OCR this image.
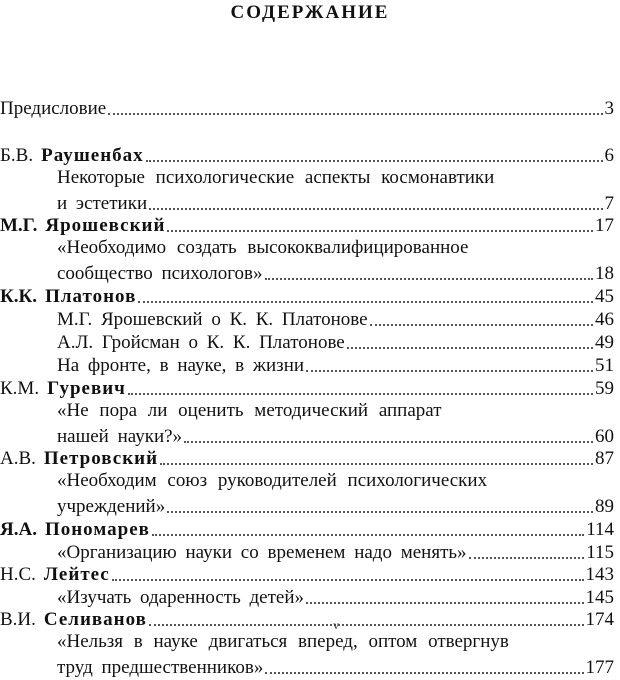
СОДЕРЖАНИЕ
Предисловие	3
Б.В. Раушенбах	6
Некоторые психологические аспекты космонавтики
и эстетики	7
М.Г. Ярошевский	17
«Необходимо создать высококвалифицированное
сообщество психологов»	18
К.К. Платонов	45
М.Г. Ярошевский о К. К. Платонове	46
А.Л. Гройсман о К. К. Платонове	49
На фронте, в науке, в жизни	51
К.М. Гуревич	59
«Не пора ли оценить методический аппарат
нашей науки?»	60
А.В. Петровский	87
«Необходим союз руководителей психологических
учреждений»	89
Я.А. Пономарев	114
«Организацию науки со временем надо менять»	115
Н.С. Лейтес	143
«Изучать одаренность детей»	145
В.И. Селиванов	174
v
«Нельзя в науке двигаться вперед, оптом отвергнув
труд предшественников»	177
